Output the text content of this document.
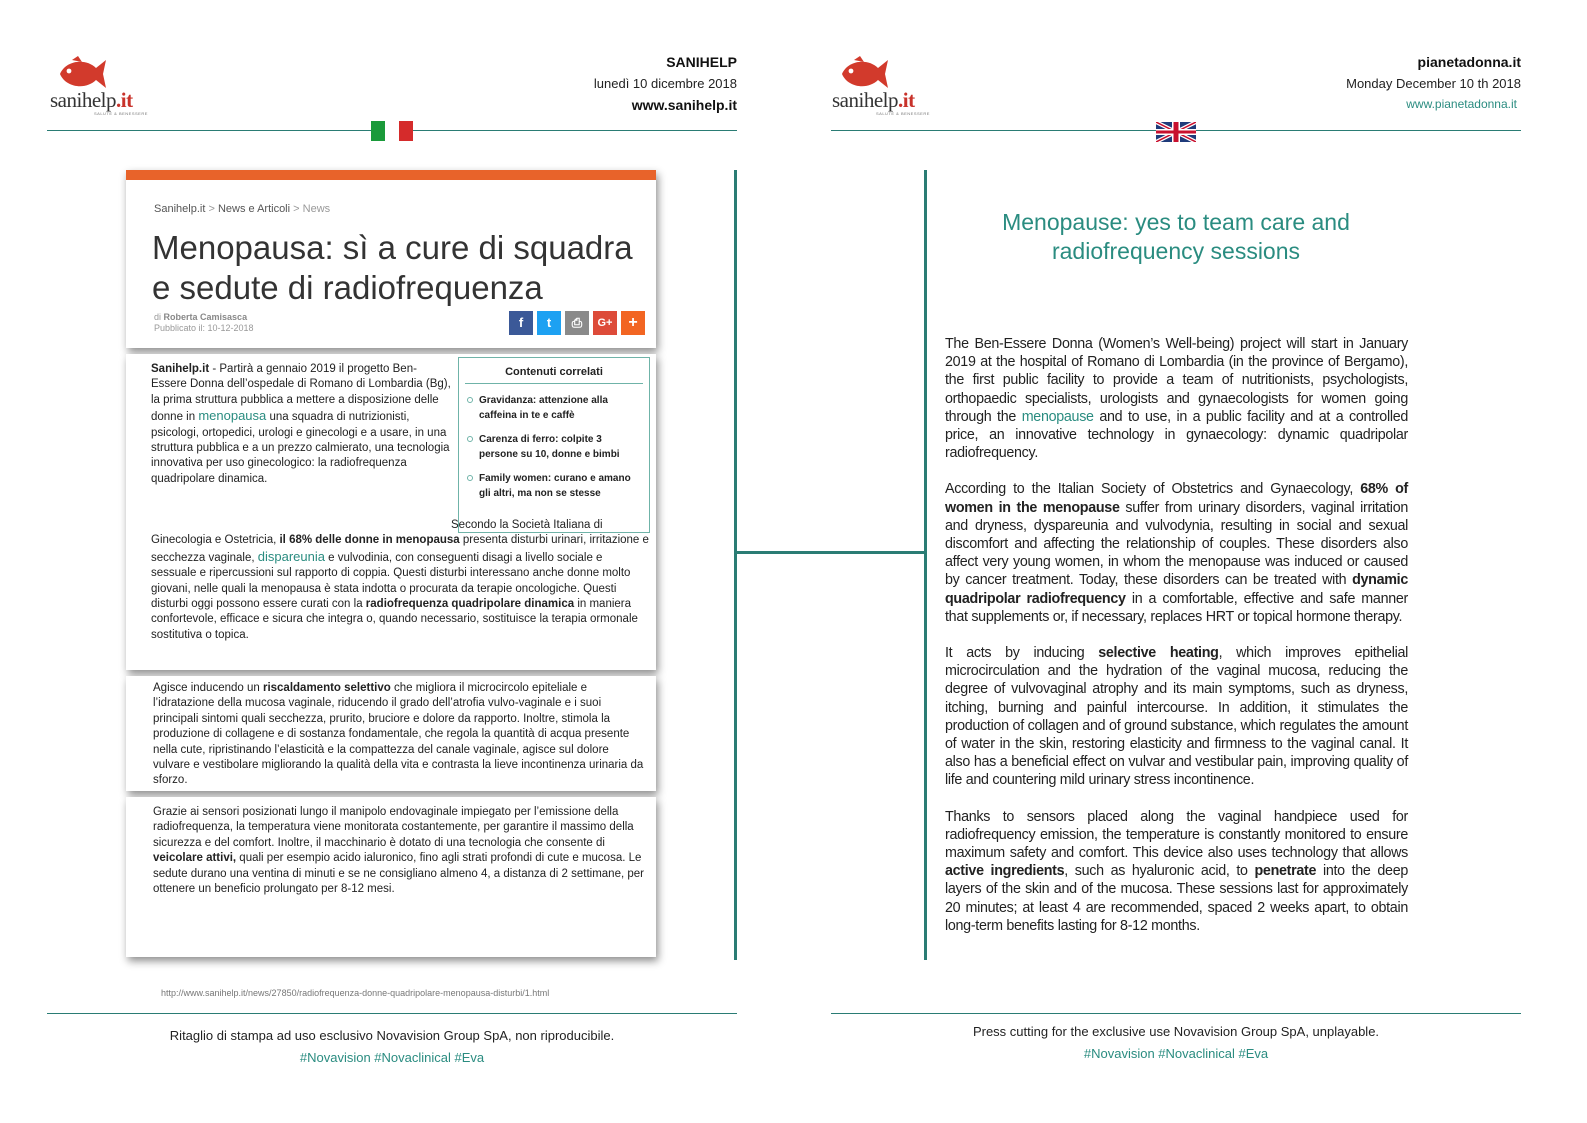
sanihelp.it
SALUTE & BENESSERE
SANIHELP
lunedì 10 dicembre 2018
www.sanihelp.it
Sanihelp.it > News e Articoli > News
Menopausa: sì a cure di squadra
e sedute di radiofrequenza
di Roberta Camisasca
Pubblicato il: 10-12-2018	f	t	⎙	G+ +
Sanihelp.it - Partirà a gennaio 2019 il progetto Ben-Essere Donna dell’ospedale di Romano di Lombardia (Bg), la prima struttura pubblica a mettere a disposizione delle donne in menopausa una squadra di nutrizionisti, psicologi, ortopedici, urologi e ginecologi e a usare, in una struttura pubblica e a un prezzo calmierato, una tecnologia innovativa per uso ginecologico: la radiofrequenza quadripolare dinamica.
Contenuti correlati
Gravidanza: attenzione alla caffeina in te e caffè
Carenza di ferro: colpite 3 persone su 10, donne e bimbi
Family women: curano e amano gli altri, ma non se stesse
Secondo la Società Italiana di Ginecologia e Ostetricia, il 68% delle donne in menopausa presenta disturbi urinari, irritazione e secchezza vaginale, dispareunia e vulvodinia, con conseguenti disagi a livello sociale e sessuale e ripercussioni sul rapporto di coppia. Questi disturbi interessano anche donne molto giovani, nelle quali la menopausa è stata indotta o procurata da terapie oncologiche. Questi disturbi oggi possono essere curati con la radiofrequenza quadripolare dinamica in maniera confortevole, efficace e sicura che integra o, quando necessario, sostituisce la terapia ormonale sostitutiva o topica.
Agisce inducendo un riscaldamento selettivo che migliora il microcircolo epiteliale e l’idratazione della mucosa vaginale, riducendo il grado dell’atrofia vulvo-vaginale e i suoi principali sintomi quali secchezza, prurito, bruciore e dolore da rapporto. Inoltre, stimola la produzione di collagene e di sostanza fondamentale, che regola la quantità di acqua presente nella cute, ripristinando l’elasticità e la compattezza del canale vaginale, agisce sul dolore vulvare e vestibolare migliorando la qualità della vita e contrasta la lieve incontinenza urinaria da sforzo.
Grazie ai sensori posizionati lungo il manipolo endovaginale impiegato per l’emissione della radiofrequenza, la temperatura viene monitorata costantemente, per garantire il massimo della sicurezza e del comfort. Inoltre, il macchinario è dotato di una tecnologia che consente di veicolare attivi, quali per esempio acido ialuronico, fino agli strati profondi di cute e mucosa. Le sedute durano una ventina di minuti e se ne consigliano almeno 4, a distanza di 2 settimane, per ottenere un beneficio prolungato per 8-12 mesi.
http://www.sanihelp.it/news/27850/radiofrequenza-donne-quadripolare-menopausa-disturbi/1.html
Ritaglio di stampa ad uso esclusivo Novavision Group SpA, non riproducibile.
#Novavision #Novaclinical #Eva
sanihelp.it
SALUTE & BENESSERE
pianetadonna.it
Monday December 10 th 2018
www.pianetadonna.it
Menopause: yes to team care and
radiofrequency sessions

The Ben-Essere Donna (Women’s Well-being) project will start in January 2019 at the hospital of Romano di Lombardia (in the province of Bergamo), the first public facility to provide a team of nutritionists, psychologists, orthopaedic specialists, urologists and gynaecologists for women going through the menopause and to use, in a public facility and at a controlled price, an innovative technology in gynaecology: dynamic quadripolar radiofrequency.

According to the Italian Society of Obstetrics and Gynaecology, 68% of women in the menopause suffer from urinary disorders, vaginal irritation and dryness, dyspareunia and vulvodynia, resulting in social and sexual discomfort and affecting the relationship of couples. These disorders also affect very young women, in whom the menopause was induced or caused by cancer treatment. Today, these disorders can be treated with dynamic quadripolar radiofrequency in a comfortable, effective and safe manner that supplements or, if necessary, replaces HRT or topical hormone therapy.

It acts by inducing selective heating, which improves epithelial microcirculation and the hydration of the vaginal mucosa, reducing the degree of vulvovaginal atrophy and its main symptoms, such as dryness, itching, burning and painful intercourse. In addition, it stimulates the production of collagen and of ground substance, which regulates the amount of water in the skin, restoring elasticity and firmness to the vaginal canal. It also has a beneficial effect on vulvar and vestibular pain, improving quality of life and countering mild urinary stress incontinence.

Thanks to sensors placed along the vaginal handpiece used for radiofrequency emission, the temperature is constantly monitored to ensure maximum safety and comfort. This device also uses technology that allows active ingredients, such as hyaluronic acid, to penetrate into the deep layers of the skin and of the mucosa. These sessions last for approximately 20 minutes; at least 4 are recommended, spaced 2 weeks apart, to obtain long-term benefits lasting for 8-12 months.

Press cutting for the exclusive use Novavision Group SpA, unplayable.
#Novavision #Novaclinical #Eva
